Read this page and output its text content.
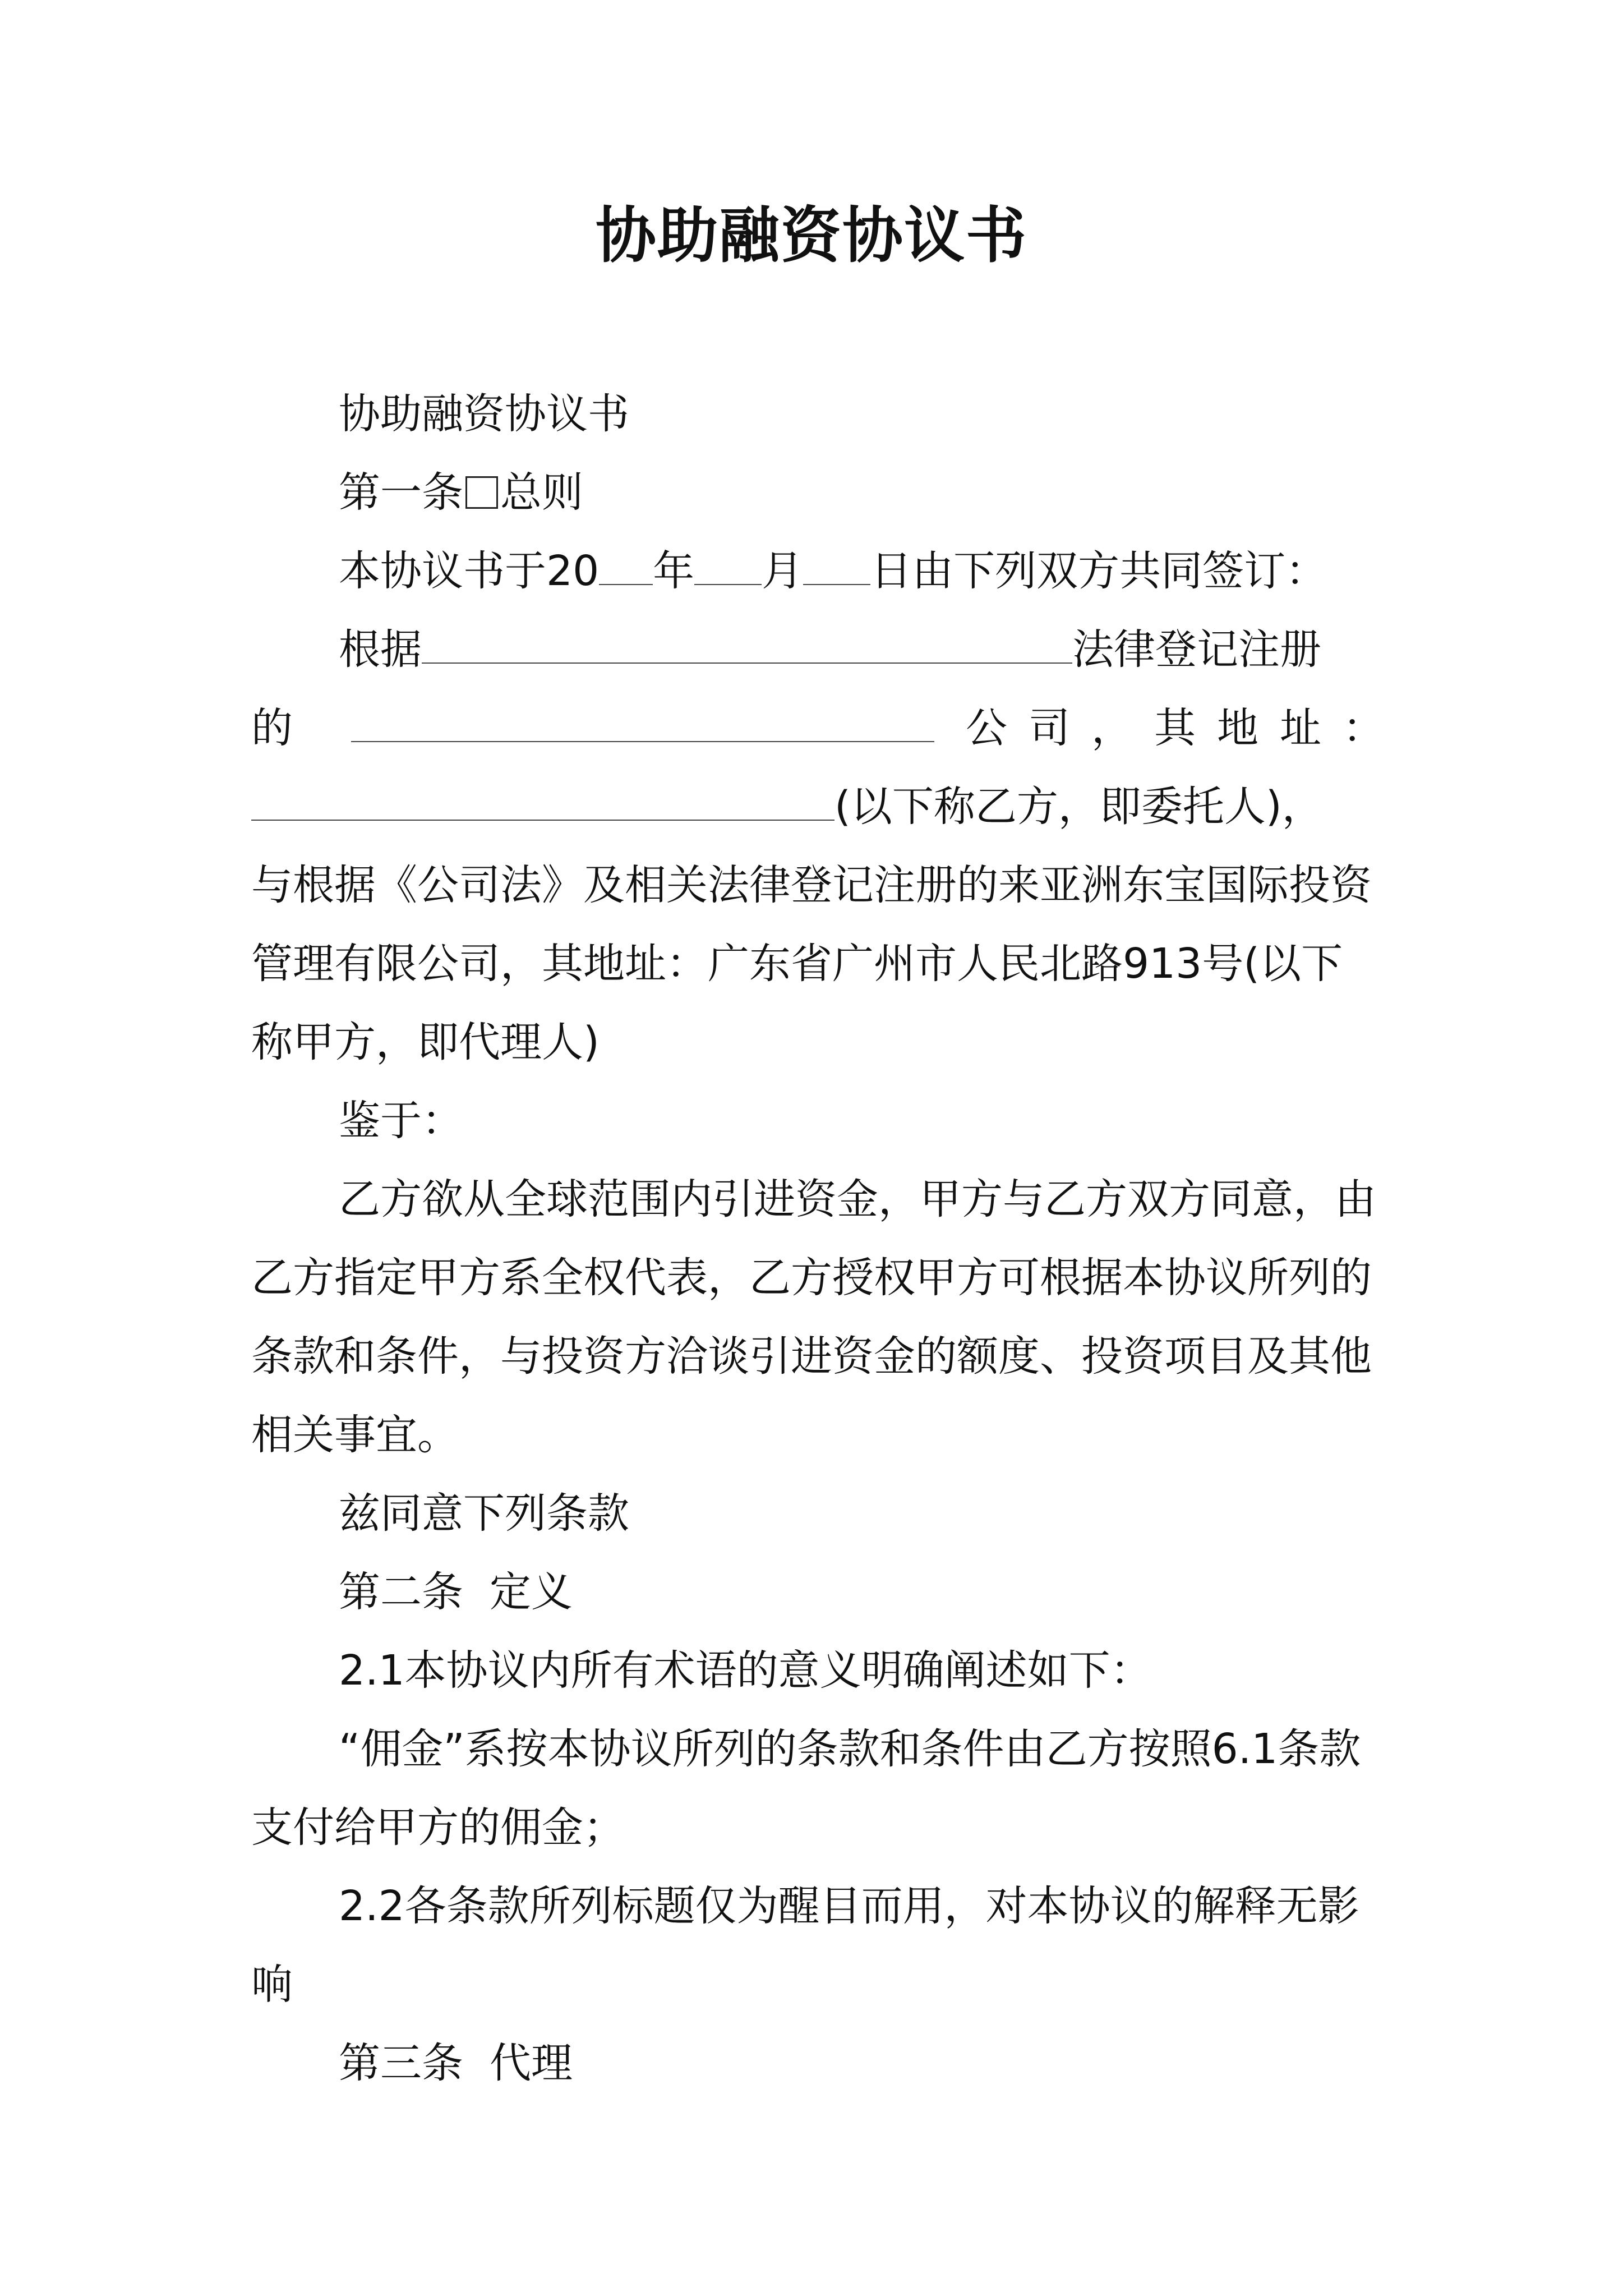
协助融资协议书

协助融资协议书

第一条 总则

本协议书于20 年 月 日由下列双方共同签订：

根据	法律登记注册

的	公 司 ， 其 地 址 ：

(以下称乙方，即委托人)，

与根据《公司法》及相关法律登记注册的来亚洲东宝国际投资管理有限公司，其地址：广东省广州市人民北路913号(以下称甲方，即代理人)

鉴于：

乙方欲从全球范围内引进资金，甲方与乙方双方同意，由乙方指定甲方系全权代表，乙方授权甲方可根据本协议所列的条款和条件，与投资方洽谈引进资金的额度、投资项目及其他相关事宜。

兹同意下列条款

第二条  定义

2.1本协议内所有术语的意义明确阐述如下：

“佣金”系按本协议所列的条款和条件由乙方按照6.1条款支付给甲方的佣金；

2.2各条款所列标题仅为醒目而用，对本协议的解释无影响

第三条  代理
